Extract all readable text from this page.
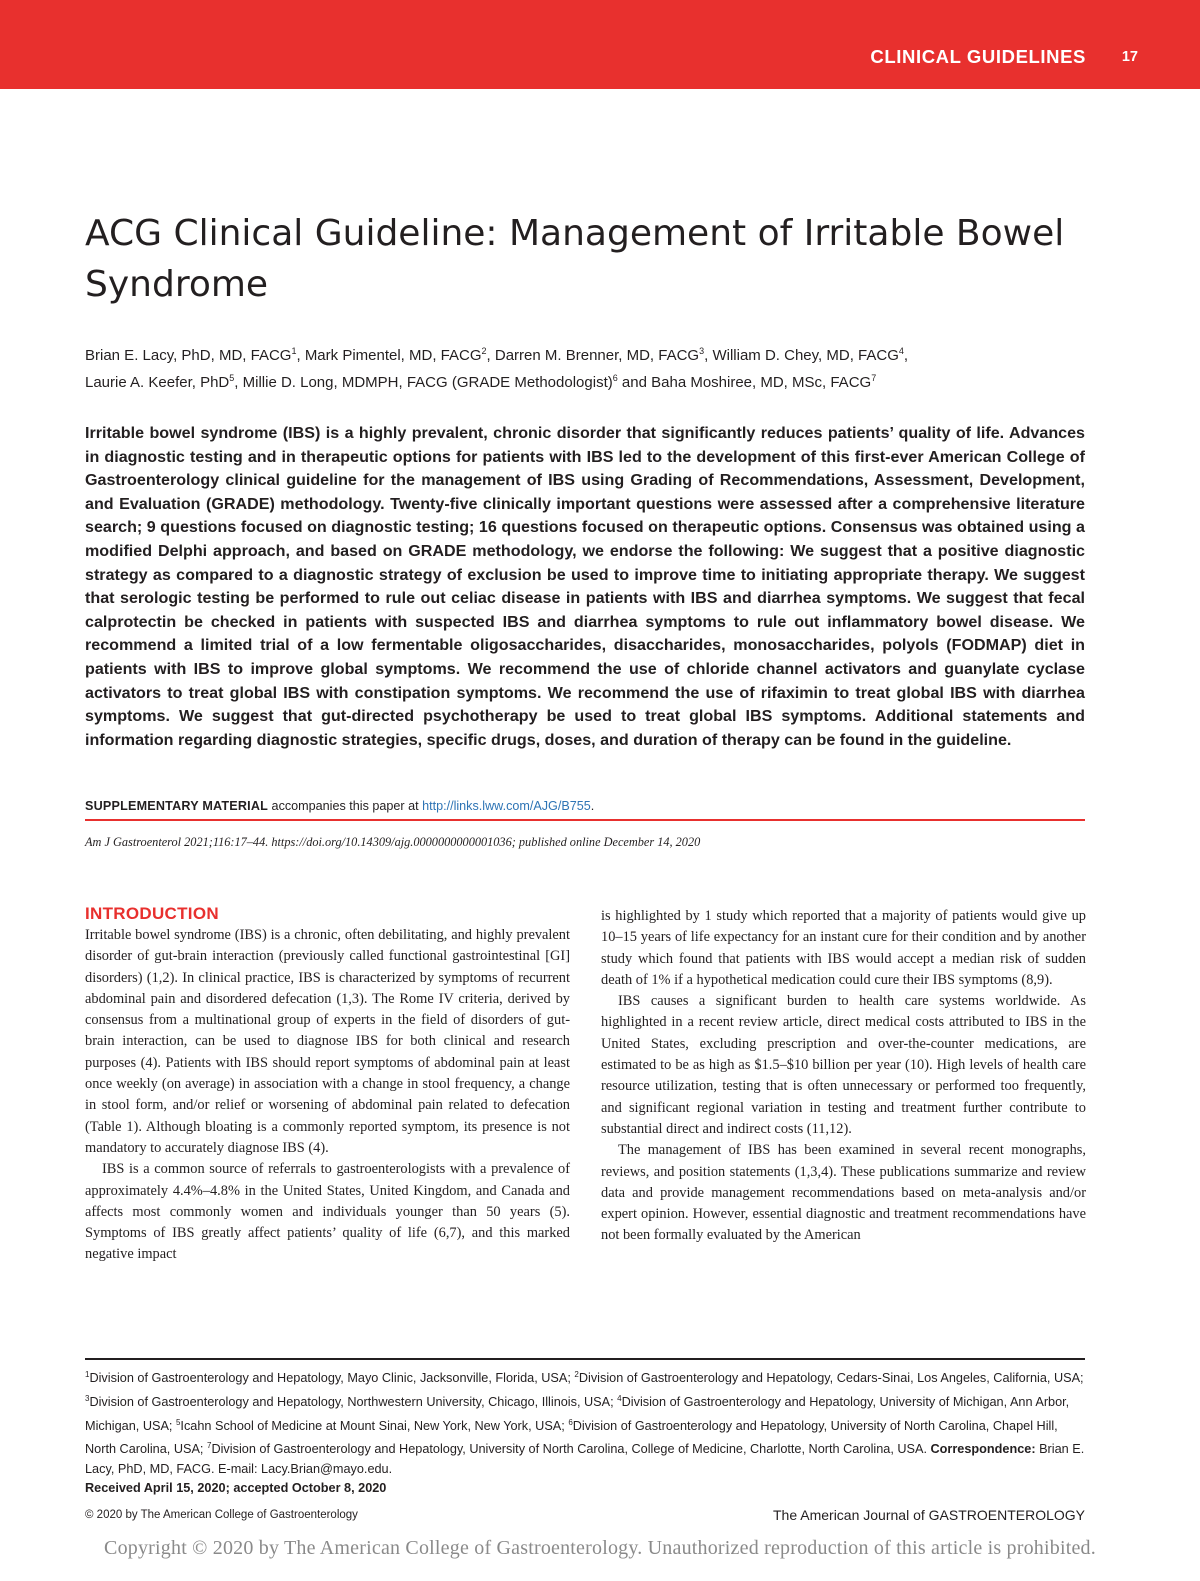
CLINICAL GUIDELINES 17
ACG Clinical Guideline: Management of Irritable Bowel Syndrome
Brian E. Lacy, PhD, MD, FACG$^1$, Mark Pimentel, MD, FACG$^2$, Darren M. Brenner, MD, FACG$^3$, William D. Chey, MD, FACG$^4$,
Laurie A. Keefer, PhD$^5$, Millie D. Long, MDMPH, FACG (GRADE Methodologist)$^6$ and Baha Moshiree, MD, MSc, FACG$^7$
Irritable bowel syndrome (IBS) is a highly prevalent, chronic disorder that significantly reduces patients’ quality of life. Advances in diagnostic testing and in therapeutic options for patients with IBS led to the development of this first-ever American College of Gastroenterology clinical guideline for the management of IBS using Grading of Recommendations, Assessment, Development, and Evaluation (GRADE) methodology. Twenty-five clinically important questions were assessed after a comprehensive literature search; 9 questions focused on diagnostic testing; 16 questions focused on therapeutic options. Consensus was obtained using a modified Delphi approach, and based on GRADE methodology, we endorse the following: We suggest that a positive diagnostic strategy as compared to a diagnostic strategy of exclusion be used to improve time to initiating appropriate therapy. We suggest that serologic testing be performed to rule out celiac disease in patients with IBS and diarrhea symptoms. We suggest that fecal calprotectin be checked in patients with suspected IBS and diarrhea symptoms to rule out inflammatory bowel disease. We recommend a limited trial of a low fermentable oligosaccharides, disaccharides, monosaccharides, polyols (FODMAP) diet in patients with IBS to improve global symptoms. We recommend the use of chloride channel activators and guanylate cyclase activators to treat global IBS with constipation symptoms. We recommend the use of rifaximin to treat global IBS with diarrhea symptoms. We suggest that gut-directed psychotherapy be used to treat global IBS symptoms. Additional statements and information regarding diagnostic strategies, specific drugs, doses, and duration of therapy can be found in the guideline.
SUPPLEMENTARY MATERIAL accompanies this paper at http://links.lww.com/AJG/B755.
Am J Gastroenterol 2021;116:17–44. https://doi.org/10.14309/ajg.0000000000001036; published online December 14, 2020
INTRODUCTION

Irritable bowel syndrome (IBS) is a chronic, often debilitating, and highly prevalent disorder of gut-brain interaction (previously called functional gastrointestinal [GI] disorders) (1,2). In clinical practice, IBS is characterized by symptoms of recurrent abdominal pain and disordered defecation (1,3). The Rome IV criteria, derived by consensus from a multinational group of experts in the field of disorders of gut-brain interaction, can be used to diagnose IBS for both clinical and research purposes (4). Patients with IBS should report symptoms of abdominal pain at least once weekly (on average) in association with a change in stool frequency, a change in stool form, and/or relief or worsening of abdominal pain related to defecation (Table 1). Although bloating is a commonly reported symptom, its presence is not mandatory to accurately diagnose IBS (4).

IBS is a common source of referrals to gastroenterologists with a prevalence of approximately 4.4%–4.8% in the United States, United Kingdom, and Canada and affects most commonly women and individuals younger than 50 years (5). Symptoms of IBS greatly affect patients’ quality of life (6,7), and this marked negative impact

is highlighted by 1 study which reported that a majority of patients would give up 10–15 years of life expectancy for an instant cure for their condition and by another study which found that patients with IBS would accept a median risk of sudden death of 1% if a hypothetical medication could cure their IBS symptoms (8,9).

IBS causes a significant burden to health care systems worldwide. As highlighted in a recent review article, direct medical costs attributed to IBS in the United States, excluding prescription and over-the-counter medications, are estimated to be as high as $1.5–$10 billion per year (10). High levels of health care resource utilization, testing that is often unnecessary or performed too frequently, and significant regional variation in testing and treatment further contribute to substantial direct and indirect costs (11,12).

The management of IBS has been examined in several recent monographs, reviews, and position statements (1,3,4). These publications summarize and review data and provide management recommendations based on meta-analysis and/or expert opinion. However, essential diagnostic and treatment recommendations have not been formally evaluated by the American

$^1$Division of Gastroenterology and Hepatology, Mayo Clinic, Jacksonville, Florida, USA; $^2$Division of Gastroenterology and Hepatology, Cedars-Sinai, Los Angeles, California, USA; $^3$Division of Gastroenterology and Hepatology, Northwestern University, Chicago, Illinois, USA; $^4$Division of Gastroenterology and Hepatology, University of Michigan, Ann Arbor, Michigan, USA; $^5$Icahn School of Medicine at Mount Sinai, New York, New York, USA; $^6$Division of Gastroenterology and Hepatology, University of North Carolina, Chapel Hill, North Carolina, USA; $^7$Division of Gastroenterology and Hepatology, University of North Carolina, College of Medicine, Charlotte, North Carolina, USA. Correspondence: Brian E. Lacy, PhD, MD, FACG. E-mail: Lacy.Brian@mayo.edu.
Received April 15, 2020; accepted October 8, 2020
© 2020 by The American College of Gastroenterology	The American Journal of GASTROENTEROLOGY
Copyright © 2020 by The American College of Gastroenterology. Unauthorized reproduction of this article is prohibited.
